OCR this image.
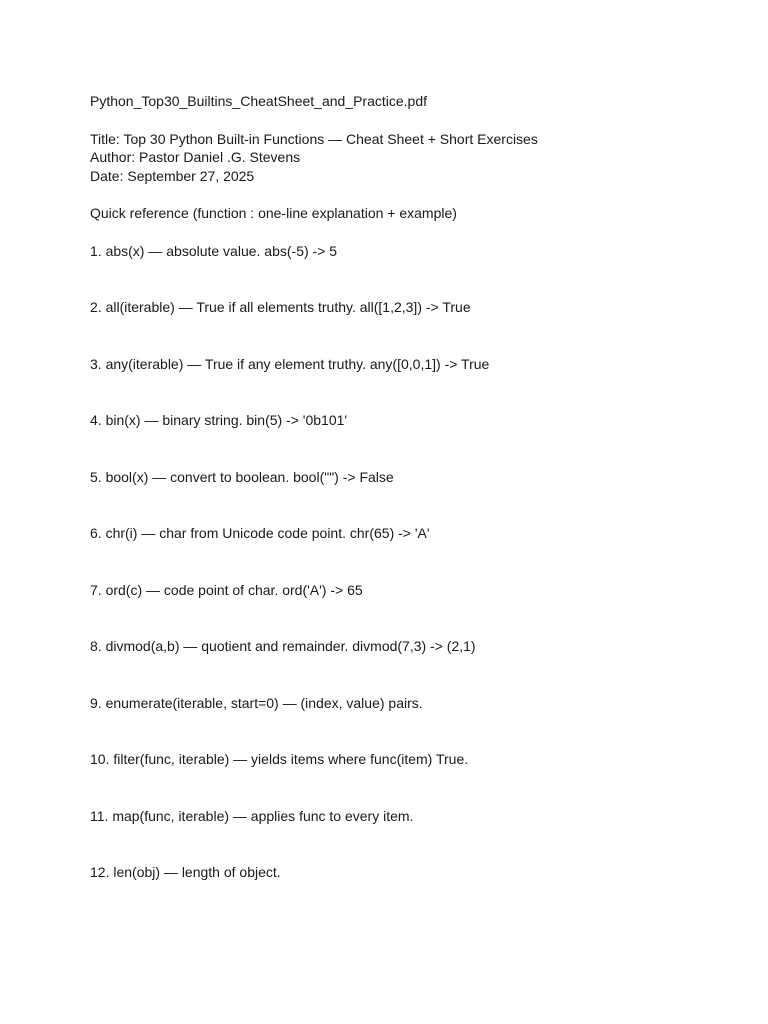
Python_Top30_Builtins_CheatSheet_and_Practice.pdf
Title: Top 30 Python Built-in Functions — Cheat Sheet + Short Exercises
Author: Pastor Daniel .G. Stevens
Date: September 27, 2025
Quick reference (function : one-line explanation + example)
1. abs(x) — absolute value. abs(-5) -> 5
2. all(iterable) — True if all elements truthy. all([1,2,3]) -> True
3. any(iterable) — True if any element truthy. any([0,0,1]) -> True
4. bin(x) — binary string. bin(5) -> '0b101'
5. bool(x) — convert to boolean. bool("") -> False
6. chr(i) — char from Unicode code point. chr(65) -> 'A'
7. ord(c) — code point of char. ord('A') -> 65
8. divmod(a,b) — quotient and remainder. divmod(7,3) -> (2,1)
9. enumerate(iterable, start=0) — (index, value) pairs.
10. filter(func, iterable) — yields items where func(item) True.
11. map(func, iterable) — applies func to every item.
12. len(obj) — length of object.
